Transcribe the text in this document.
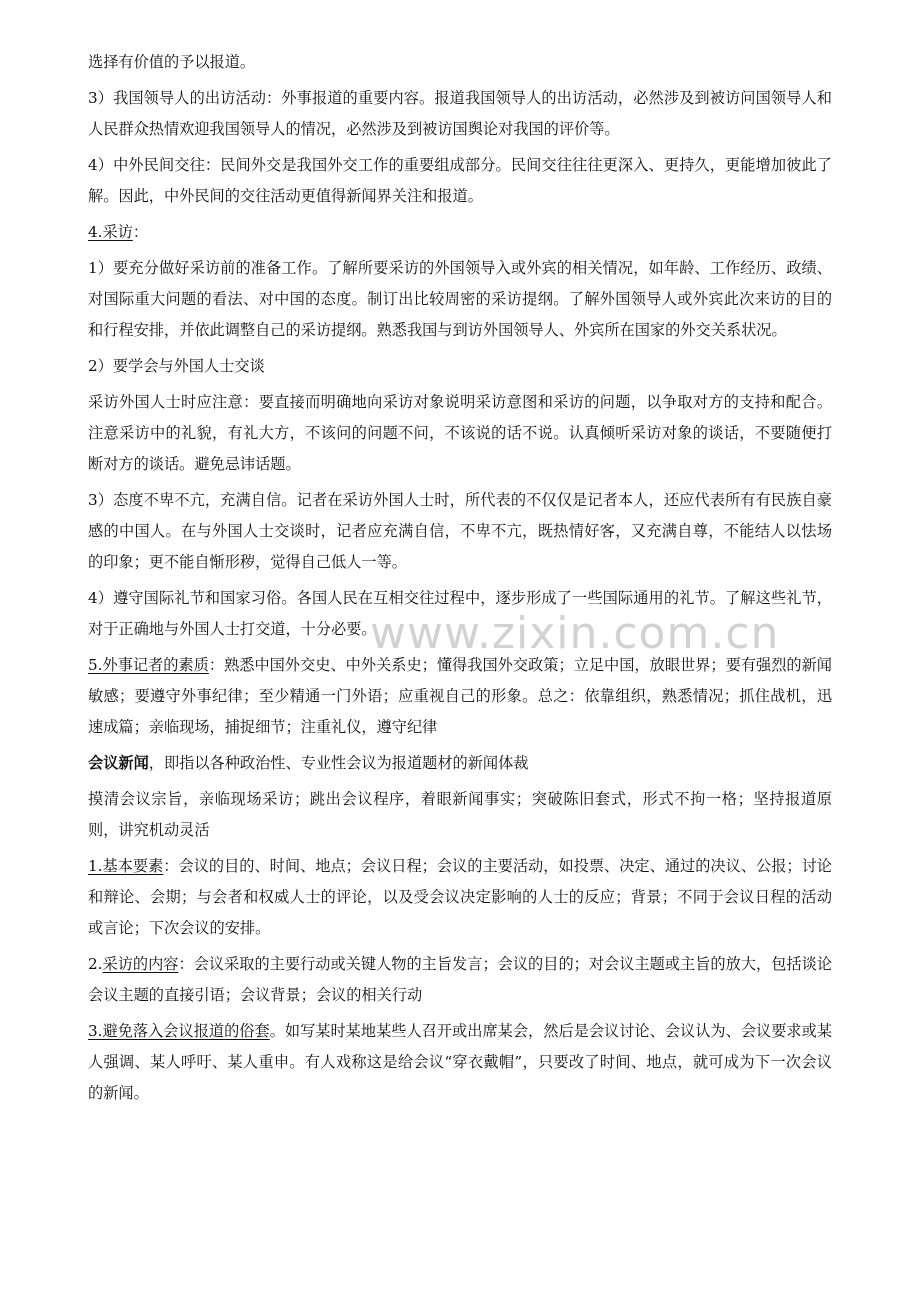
选择有价值的予以报道。

3）我国领导人的出访活动：外事报道的重要内容。报道我国领导人的出访活动，必然涉及到被访问国领导人和人民群众热情欢迎我国领导人的情况，必然涉及到被访国舆论对我国的评价等。

4）中外民间交往：民间外交是我国外交工作的重要组成部分。民间交往往往更深入、更持久，更能增加彼此了解。因此，中外民间的交往活动更值得新闻界关注和报道。

4.采访：

1）要充分做好采访前的准备工作。了解所要采访的外国领导入或外宾的相关情况，如年龄、工作经历、政绩、对国际重大问题的看法、对中国的态度。制订出比较周密的采访提纲。了解外国领导人或外宾此次来访的目的和行程安排，并依此调整自己的采访提纲。熟悉我国与到访外国领导人、外宾所在国家的外交关系状况。

2）要学会与外国人士交谈

采访外国人士时应注意：要直接而明确地向采访对象说明采访意图和采访的问题，以争取对方的支持和配合。注意采访中的礼貌，有礼大方，不该问的问题不问，不该说的话不说。认真倾听采访对象的谈话，不要随便打断对方的谈话。避免忌讳话题。

3）态度不卑不亢，充满自信。记者在采访外国人士时，所代表的不仅仅是记者本人，还应代表所有有民族自豪感的中国人。在与外国人士交谈时，记者应充满自信，不卑不亢，既热情好客，又充满自尊，不能结人以怯场的印象；更不能自惭形秽，觉得自己低人一等。

4）遵守国际礼节和国家习俗。各国人民在互相交往过程中，逐步形成了一些国际通用的礼节。了解这些礼节，对于正确地与外国人士打交道，十分必要。

5.外事记者的素质：熟悉中国外交史、中外关系史；懂得我国外交政策；立足中国，放眼世界；要有强烈的新闻敏感；要遵守外事纪律；至少精通一门外语；应重视自己的形象。总之：依靠组织，熟悉情况；抓住战机，迅速成篇；亲临现场，捕捉细节；注重礼仪，遵守纪律

会议新闻，即指以各种政治性、专业性会议为报道题材的新闻体裁

摸清会议宗旨，亲临现场采访；跳出会议程序，着眼新闻事实；突破陈旧套式，形式不拘一格；坚持报道原则，讲究机动灵活

1.基本要素：会议的目的、时间、地点；会议日程；会议的主要活动，如投票、决定、通过的决议、公报；讨论和辩论、会期；与会者和权威人士的评论，以及受会议决定影响的人士的反应；背景；不同于会议日程的活动或言论；下次会议的安排。

2.采访的内容：会议采取的主要行动或关键人物的主旨发言；会议的目的；对会议主题或主旨的放大，包括谈论会议主题的直接引语；会议背景；会议的相关行动

3.避免落入会议报道的俗套。如写某时某地某些人召开或出席某会，然后是会议讨论、会议认为、会议要求或某人强调、某人呼吁、某人重申。有人戏称这是给会议“穿衣戴帽”，只要改了时间、地点，就可成为下一次会议的新闻。

www.zixin.com.cn
